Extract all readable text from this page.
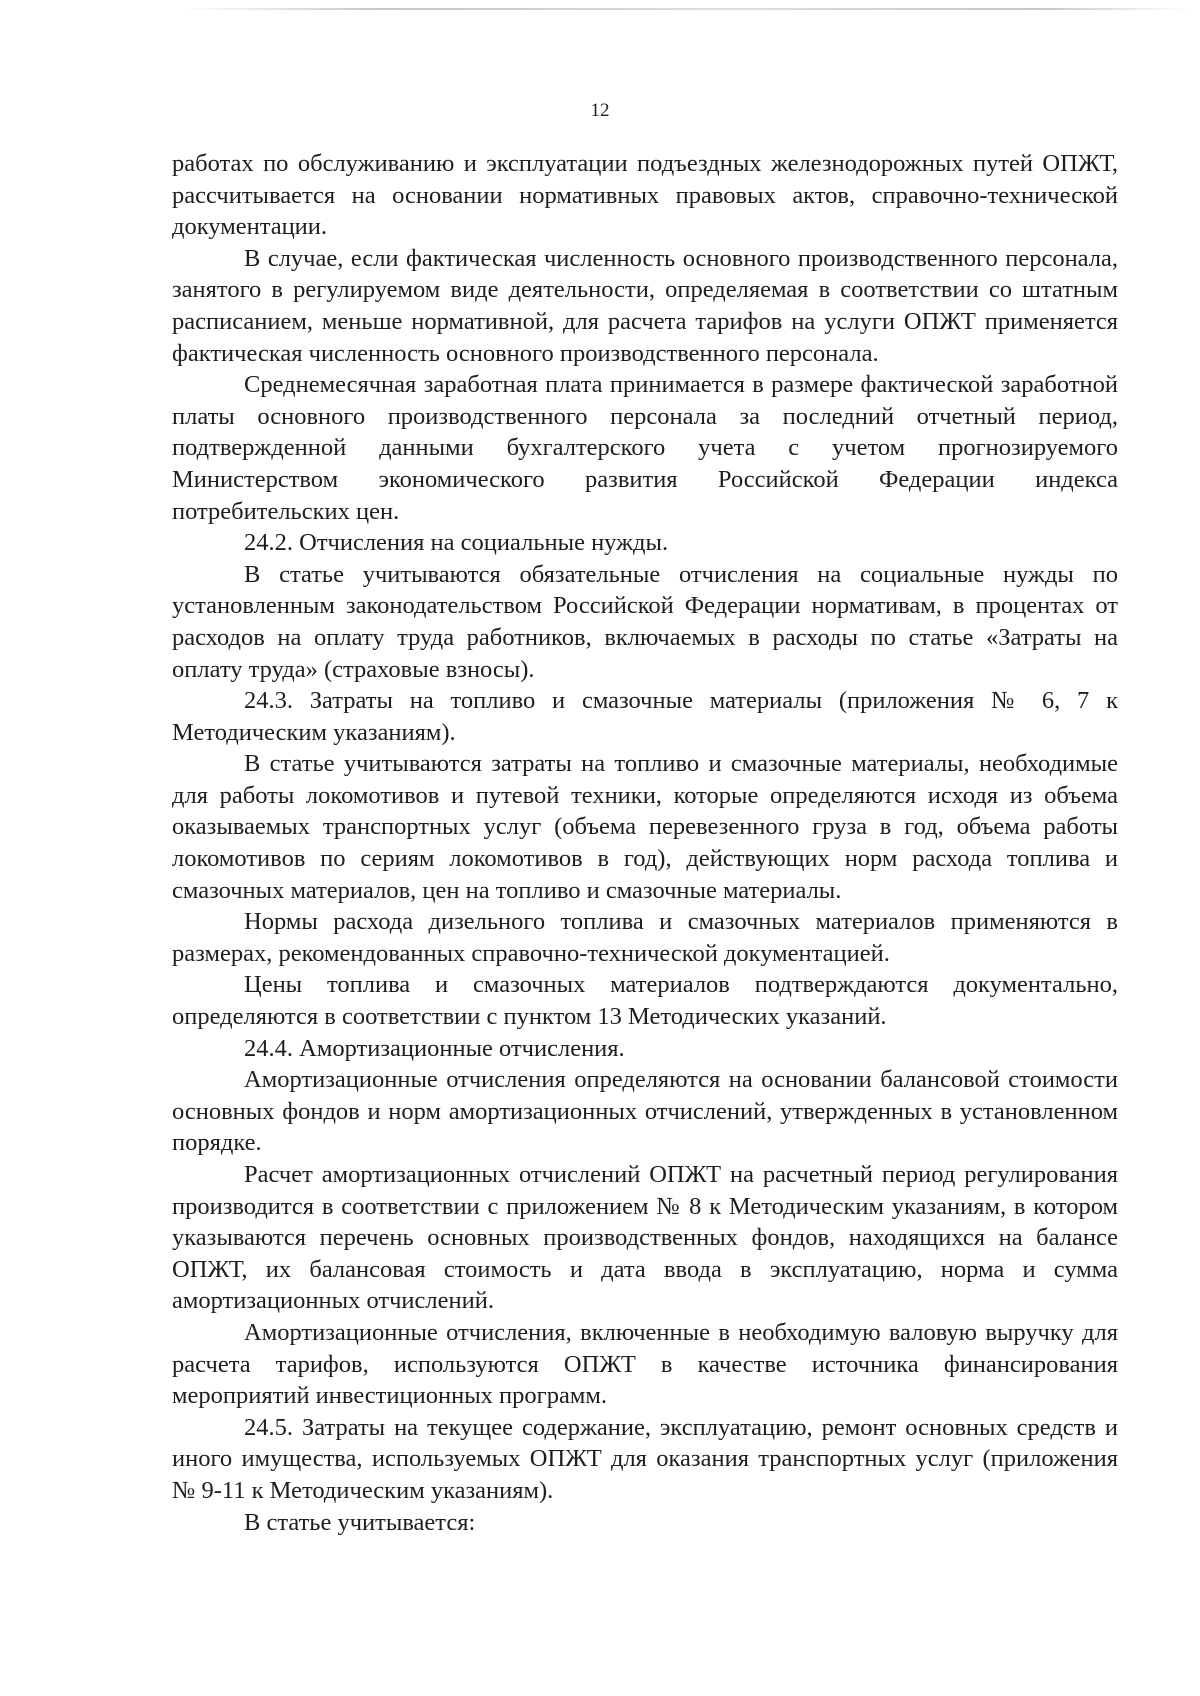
12

работах по обслуживанию и эксплуатации подъездных железнодорожных путей ОПЖТ, рассчитывается на основании нормативных правовых актов, справочно-технической документации.

В случае, если фактическая численность основного производственного персонала, занятого в регулируемом виде деятельности, определяемая в соответствии со штатным расписанием, меньше нормативной, для расчета тарифов на услуги ОПЖТ применяется фактическая численность основного производственного персонала.

Среднемесячная заработная плата принимается в размере фактической заработной платы основного производственного персонала за последний отчетный период, подтвержденной данными бухгалтерского учета с учетом прогнозируемого Министерством экономического развития Российской Федерации индекса потребительских цен.

24.2. Отчисления на социальные нужды.

В статье учитываются обязательные отчисления на социальные нужды по установленным законодательством Российской Федерации нормативам, в процентах от расходов на оплату труда работников, включаемых в расходы по статье «Затраты на оплату труда» (страховые взносы).

24.3. Затраты на топливо и смазочные материалы (приложения № 6, 7 к Методическим указаниям).

В статье учитываются затраты на топливо и смазочные материалы, необходимые для работы локомотивов и путевой техники, которые определяются исходя из объема оказываемых транспортных услуг (объема перевезенного груза в год, объема работы локомотивов по сериям локомотивов в год), действующих норм расхода топлива и смазочных материалов, цен на топливо и смазочные материалы.

Нормы расхода дизельного топлива и смазочных материалов применяются в размерах, рекомендованных справочно-технической документацией.

Цены топлива и смазочных материалов подтверждаются документально, определяются в соответствии с пунктом 13 Методических указаний.

24.4. Амортизационные отчисления.

Амортизационные отчисления определяются на основании балансовой стоимости основных фондов и норм амортизационных отчислений, утвержденных в установленном порядке.

Расчет амортизационных отчислений ОПЖТ на расчетный период регулирования производится в соответствии с приложением № 8 к Методическим указаниям, в котором указываются перечень основных производственных фондов, находящихся на балансе ОПЖТ, их балансовая стоимость и дата ввода в эксплуатацию, норма и сумма амортизационных отчислений.

Амортизационные отчисления, включенные в необходимую валовую выручку для расчета тарифов, используются ОПЖТ в качестве источника финансирования мероприятий инвестиционных программ.

24.5. Затраты на текущее содержание, эксплуатацию, ремонт основных средств и иного имущества, используемых ОПЖТ для оказания транспортных услуг (приложения № 9-11 к Методическим указаниям).

В статье учитывается:
